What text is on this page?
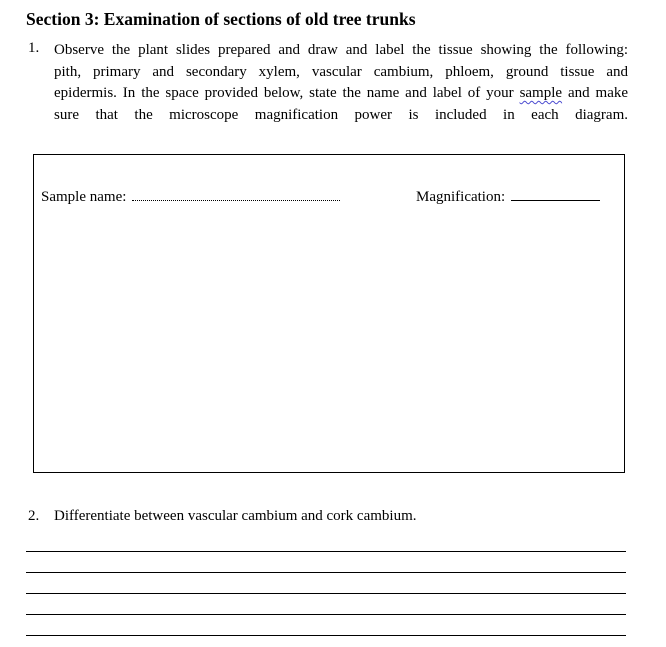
Section 3: Examination of sections of old tree trunks
1. Observe the plant slides prepared and draw and label the tissue showing the following:
pith, primary and secondary xylem, vascular cambium, phloem, ground tissue and
epidermis. In the space provided below, state the name and label of your sample and make
sure that the microscope magnification power is included in each diagram.
Sample name:	Magnification:
2. Differentiate between vascular cambium and cork cambium.
